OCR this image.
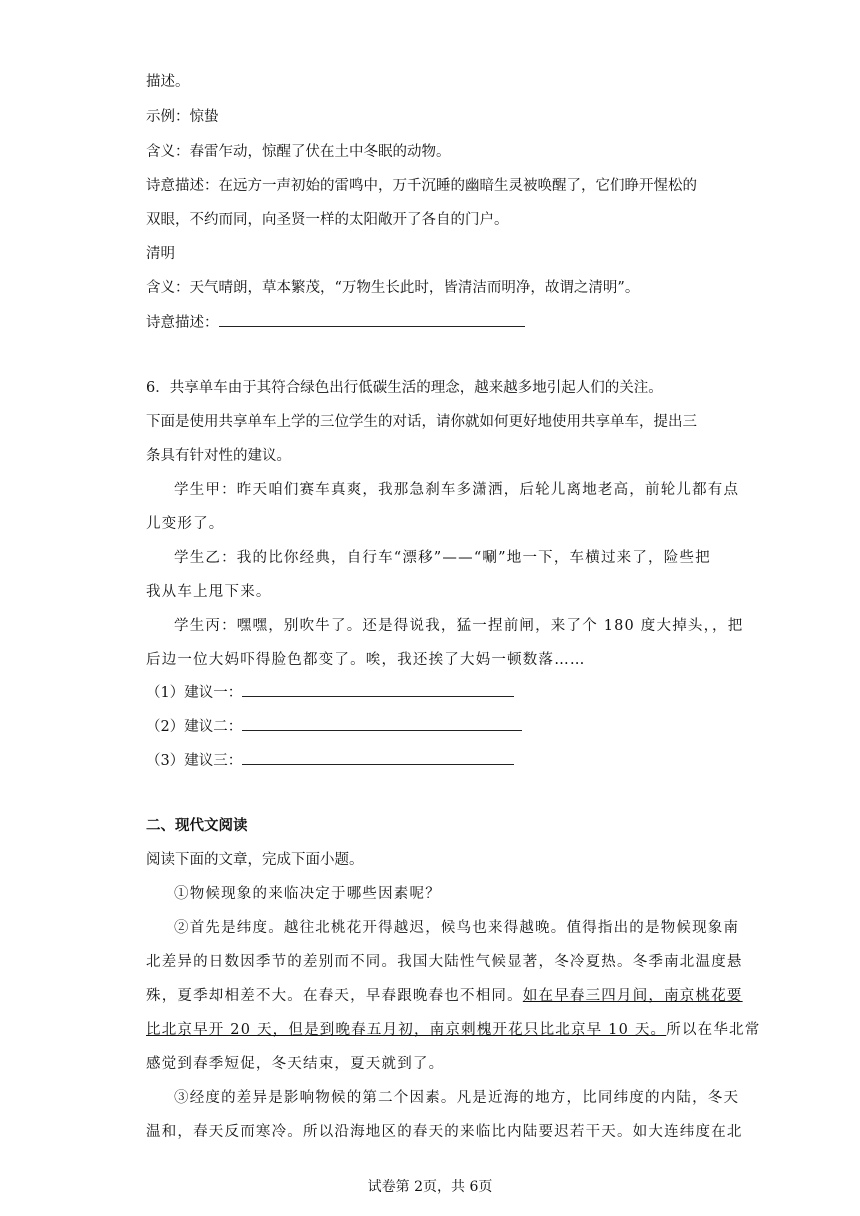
描述。
示例：惊蛰
含义：春雷乍动，惊醒了伏在土中冬眠的动物。
诗意描述：在远方一声初始的雷鸣中，万千沉睡的幽暗生灵被唤醒了，它们睁开惺松的
双眼，不约而同，向圣贤一样的太阳敞开了各自的门户。
清明
含义：天气晴朗，草本繁茂，“万物生长此时，皆清洁而明净，故谓之清明”。
诗意描述：
6．共享单车由于其符合绿色出行低碳生活的理念，越来越多地引起人们的关注。
下面是使用共享单车上学的三位学生的对话，请你就如何更好地使用共享单车，提出三
条具有针对性的建议。
学生甲：昨天咱们赛车真爽，我那急刹车多潇洒，后轮儿离地老高，前轮儿都有点
儿变形了。
学生乙：我的比你经典，自行车“漂移”——“唰”地一下，车横过来了，险些把
我从车上甩下来。
学生丙：嘿嘿，别吹牛了。还是得说我，猛一捏前闸，来了个 180 度大掉头，，把
后边一位大妈吓得脸色都变了。唉，我还挨了大妈一顿数落……
（1）建议一：
（2）建议二：
（3）建议三：
二、现代文阅读
阅读下面的文章，完成下面小题。
①物候现象的来临决定于哪些因素呢？
②首先是纬度。越往北桃花开得越迟，候鸟也来得越晚。值得指出的是物候现象南
北差异的日数因季节的差别而不同。我国大陆性气候显著，冬冷夏热。冬季南北温度悬
殊，夏季却相差不大。在春天，早春跟晚春也不相同。如在早春三四月间，南京桃花要
比北京早开 20 天，但是到晚春五月初，南京刺槐开花只比北京早 10 天。所以在华北常
感觉到春季短促，冬天结束，夏天就到了。
③经度的差异是影响物候的第二个因素。凡是近海的地方，比同纬度的内陆，冬天
温和，春天反而寒冷。所以沿海地区的春天的来临比内陆要迟若干天。如大连纬度在北
试卷第 2页，共 6页
